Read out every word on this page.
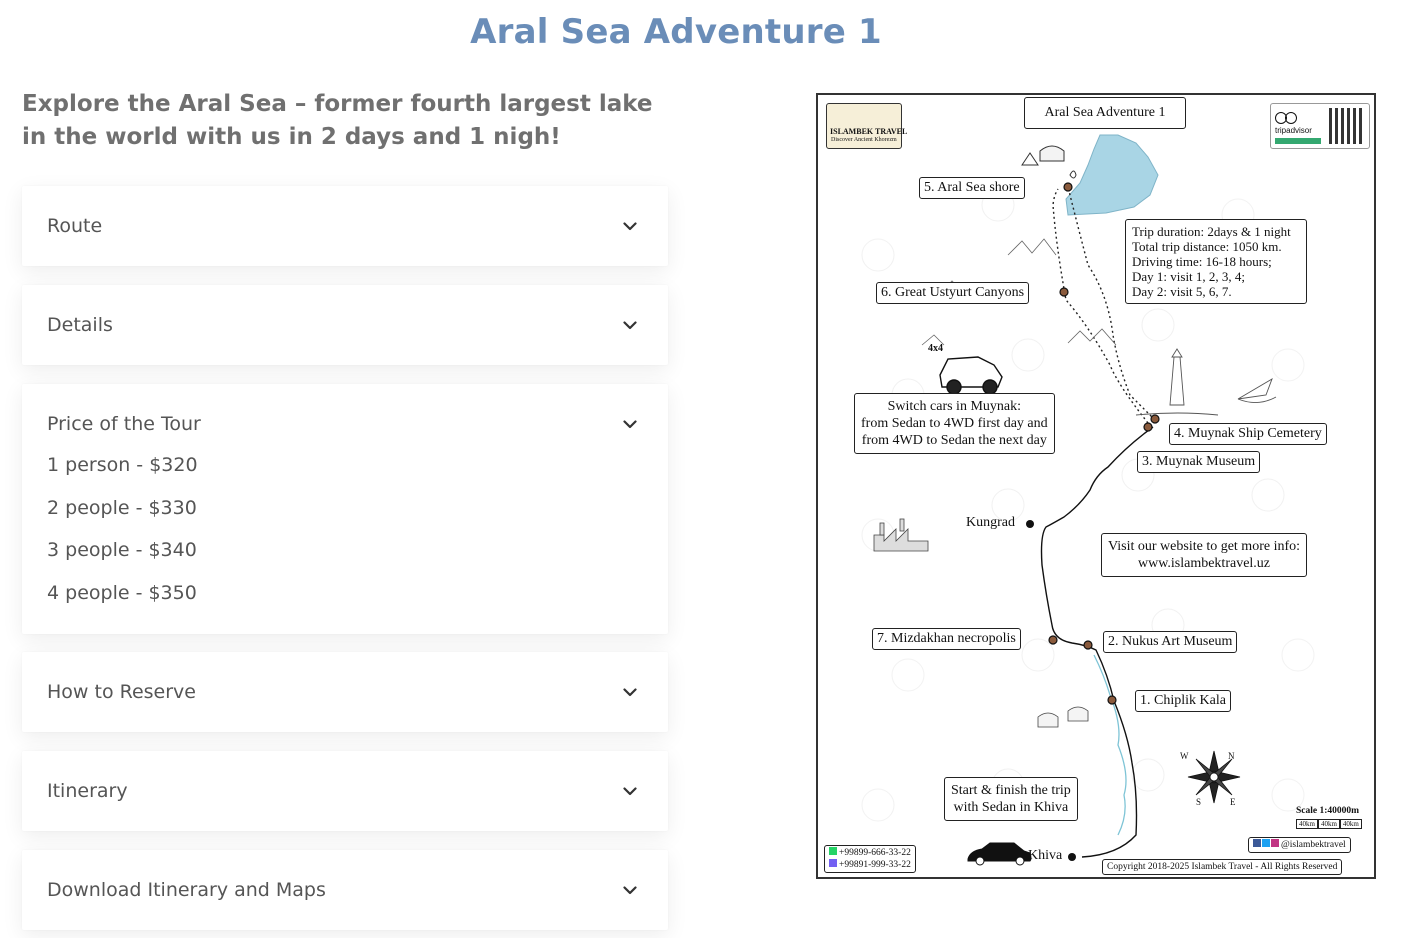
Aral Sea Adventure 1
Explore the Aral Sea – former fourth largest lake in the world with us in 2 days and 1 nigh!
Route
Details
Price of the Tour
1 person - $320
2 people - $330
3 people - $340
4 people - $350
How to Reserve
Itinerary
Download Itinerary and Maps
ISLAMBEK TRAVEL
Discover Ancient Khorezm
Aral Sea Adventure 1
tripadvisor
5. Aral Sea shore
Trip duration: 2days & 1 night
Total trip distance: 1050 km.
Driving time: 16-18 hours;
Day 1: visit 1, 2, 3, 4;
Day 2: visit 5, 6, 7.
6. Great Ustyurt Canyons
4x4
Switch cars in Muynak:
from Sedan to 4WD first day and
from 4WD to Sedan the next day	4. Muynak Ship Cemetery
3. Muynak Museum
Kungrad
Visit our website to get more info:
www.islambektravel.uz
7. Mizdakhan necropolis	2. Nukus Art Museum
1. Chiplik Kala
W	N
S	E
Start & finish the trip
with Sedan in Khiva	Scale 1:40000m
40km 40km 40km
@islambektravel
+99899-666-33-22
+99891-999-33-22
Khiva
Copyright 2018-2025 Islambek Travel - All Rights Reserved
